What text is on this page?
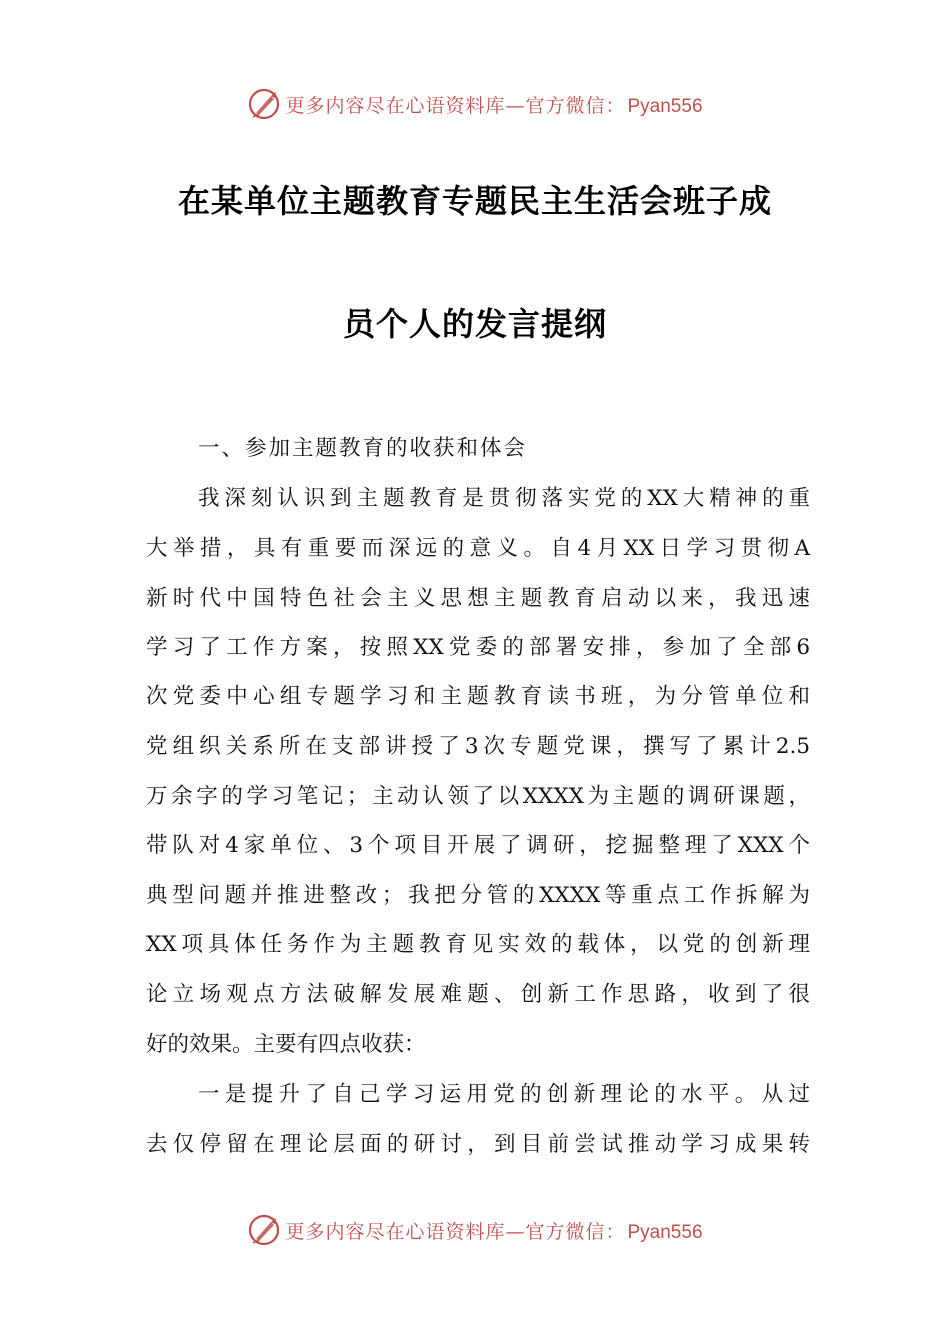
更多内容尽在心语资料库—官方微信： Pyan556
在某单位主题教育专题民主生活会班子成
员个人的发言提纲
一、参加主题教育的收获和体会
我深刻认识到主题教育是贯彻落实党的XX大精神的重
大举措，具有重要而深远的意义。自4月XX日学习贯彻A
新时代中国特色社会主义思想主题教育启动以来，我迅速
学习了工作方案，按照XX党委的部署安排，参加了全部6
次党委中心组专题学习和主题教育读书班，为分管单位和
党组织关系所在支部讲授了3次专题党课，撰写了累计2.5
万余字的学习笔记；主动认领了以XXXX为主题的调研课题，
带队对4家单位、3个项目开展了调研，挖掘整理了XXX个
典型问题并推进整改；我把分管的XXXX等重点工作拆解为
XX项具体任务作为主题教育见实效的载体，以党的创新理
论立场观点方法破解发展难题、创新工作思路，收到了很
好的效果。主要有四点收获：
一是提升了自己学习运用党的创新理论的水平。从过
去仅停留在理论层面的研讨，到目前尝试推动学习成果转
更多内容尽在心语资料库—官方微信： Pyan556
